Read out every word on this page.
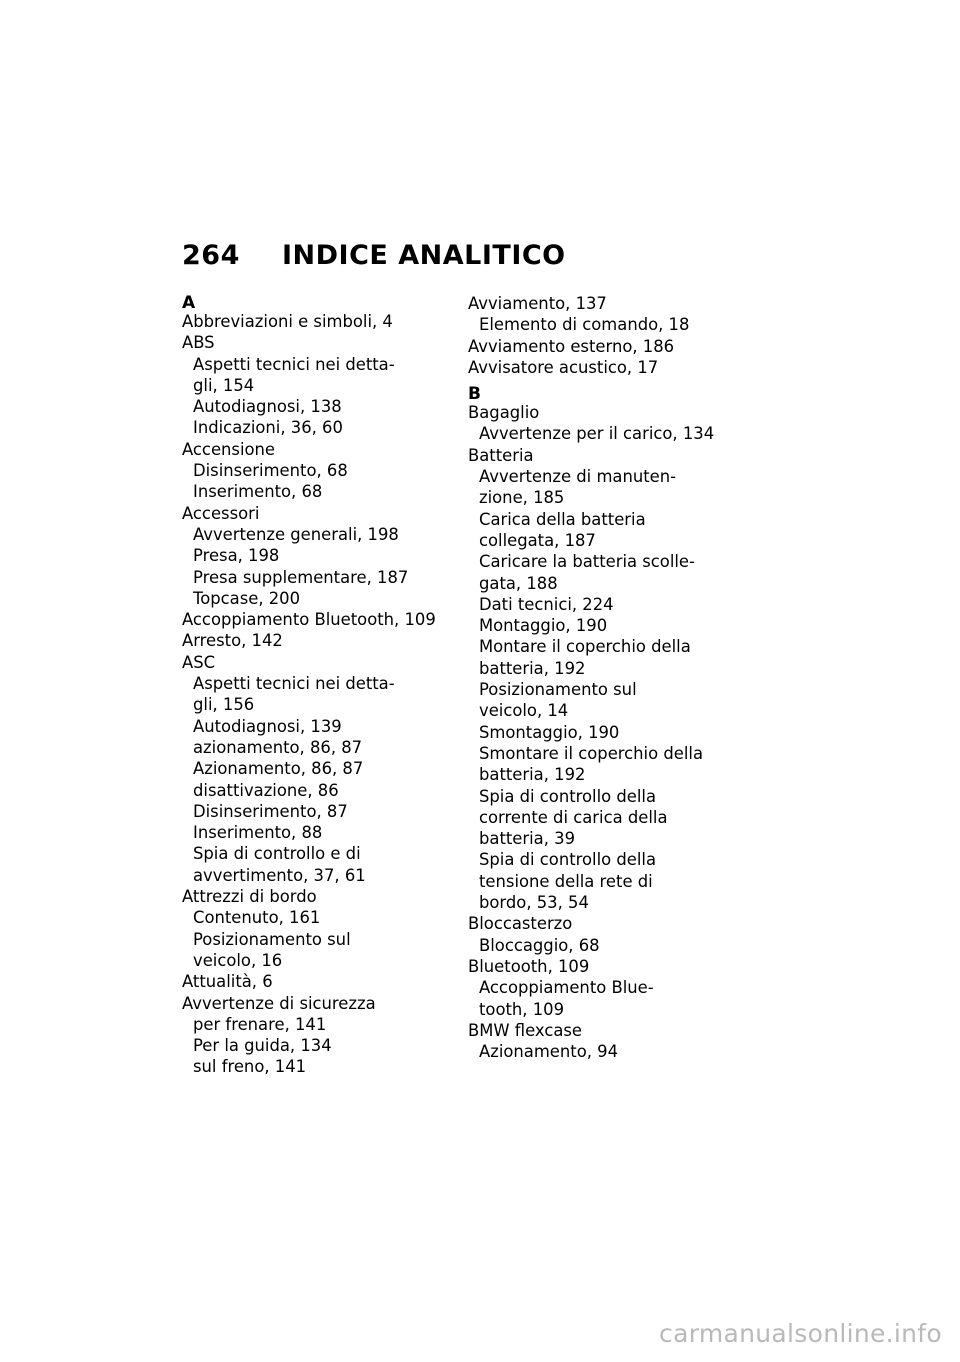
264	INDICE ANALITICO
A
Abbreviazioni e simboli, 4
ABS
Aspetti tecnici nei detta-
gli, 154
Autodiagnosi, 138
Indicazioni, 36, 60
Accensione
Disinserimento, 68
Inserimento, 68
Accessori
Avvertenze generali, 198
Presa, 198
Presa supplementare, 187
Topcase, 200
Accoppiamento Bluetooth, 109
Arresto, 142
ASC
Aspetti tecnici nei detta-
gli, 156
Autodiagnosi, 139
azionamento, 86, 87
Azionamento, 86, 87
disattivazione, 86
Disinserimento, 87
Inserimento, 88
Spia di controllo e di
avvertimento, 37, 61
Attrezzi di bordo
Contenuto, 161
Posizionamento sul
veicolo, 16
Attualità, 6
Avvertenze di sicurezza
per frenare, 141
Per la guida, 134
sul freno, 141
Avviamento, 137
Elemento di comando, 18
Avviamento esterno, 186
Avvisatore acustico, 17
B
Bagaglio
Avvertenze per il carico, 134
Batteria
Avvertenze di manuten-
zione, 185
Carica della batteria
collegata, 187
Caricare la batteria scolle-
gata, 188
Dati tecnici, 224
Montaggio, 190
Montare il coperchio della
batteria, 192
Posizionamento sul
veicolo, 14
Smontaggio, 190
Smontare il coperchio della
batteria, 192
Spia di controllo della
corrente di carica della
batteria, 39
Spia di controllo della
tensione della rete di
bordo, 53, 54
Bloccasterzo
Bloccaggio, 68
Bluetooth, 109
Accoppiamento Blue-
tooth, 109
BMW flexcase
Azionamento, 94
carmanualsonline.info
